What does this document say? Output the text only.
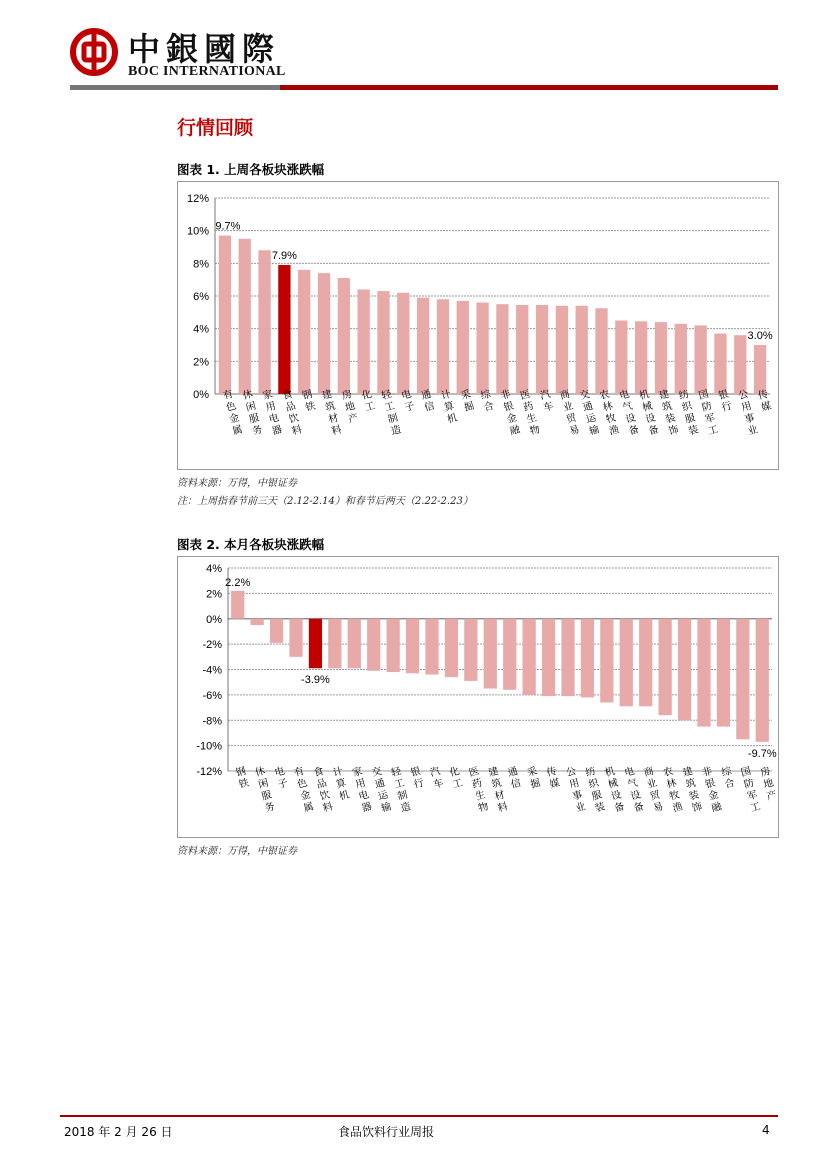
中銀國際
BOC INTERNATIONAL
行情回顾
图表 1. 上周各板块涨跌幅
0%
2%
4%
6%
8%
10%
12%
有色金属
9.7%
休闲服务
家用电器
食品饮料
7.9%
钢铁
建筑材料
房地产
化工
轻工制造
电子
通信
计算机
采掘
综合
非银金融
医药生物
汽车
商业贸易
交通运输
农林牧渔
电气设备
机械设备
建筑装饰
纺织服装
国防军工
银行
公用事业
传媒
3.0%
资料来源：万得，中银证券
注：上周指春节前三天（2.12-2.14）和春节后两天（2.22-2.23）
图表 2. 本月各板块涨跌幅
4%
2%
0%
-2%
-4%
-6%
-8%
-10%
-12% 钢铁
2.2%
休闲服务
电子
有色金属
食品饮料
-3.9%
计算机
家用电器
交通运输
轻工制造
银行
汽车
化工
医药生物
建筑材料
通信
采掘
传媒
公用事业
纺织服装
机械设备
电气设备
商业贸易
农林牧渔
建筑装饰
非银金融
综合
国防军工
房地产
-9.7%
资料来源：万得，中银证券
2018 年 2 月 26 日	食品饮料行业周报	4
